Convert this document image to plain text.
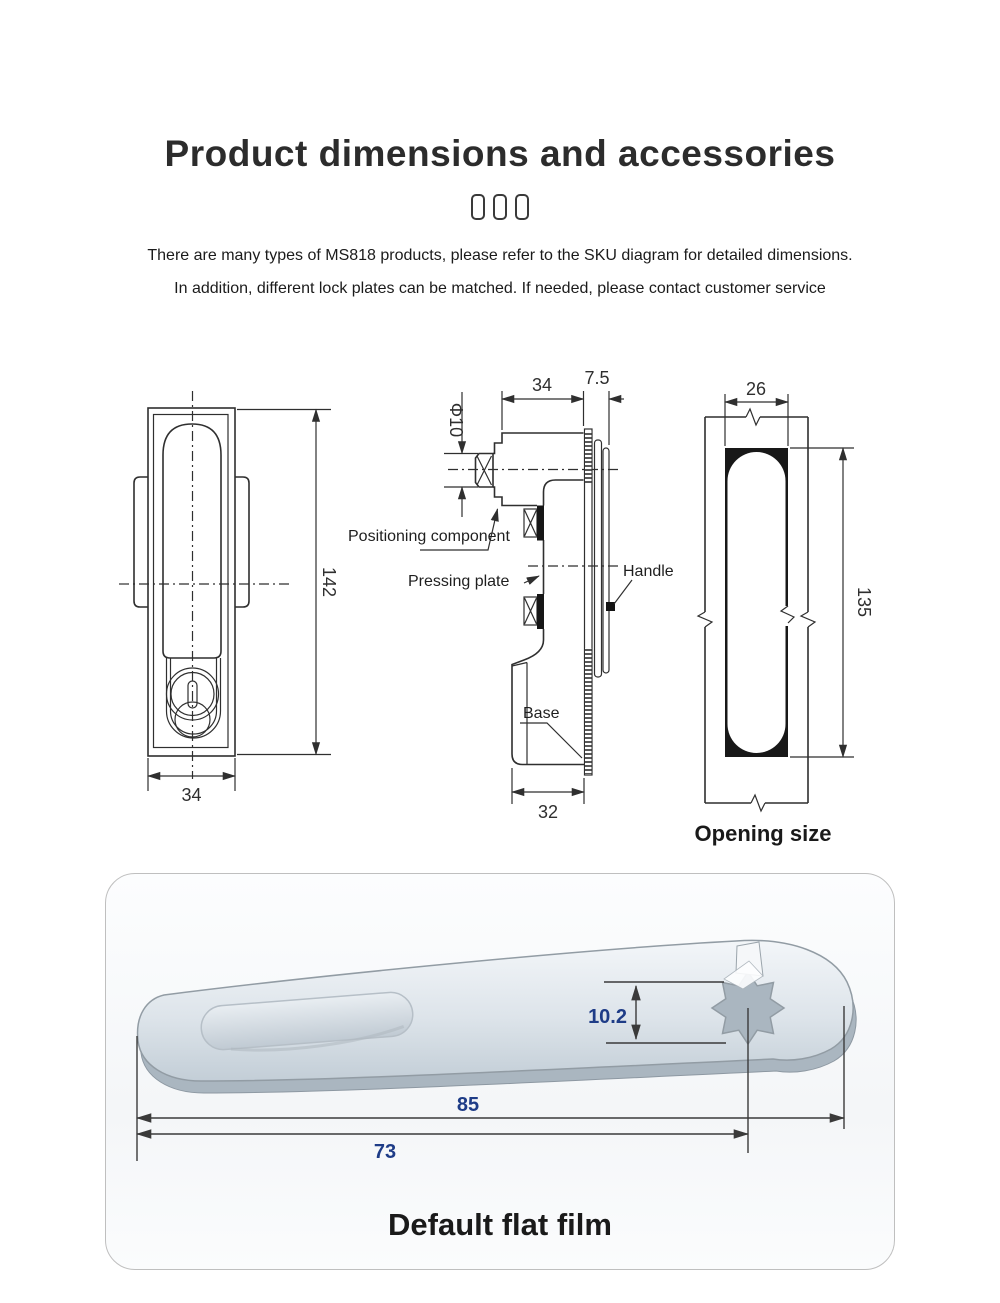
Product dimensions and accessories
There are many types of MS818 products, please refer to the SKU diagram for detailed dimensions.
In addition, different lock plates can be matched. If needed, please contact customer service
142
34
34 7.5
Φ10
32
Positioning component
Pressing plate
Handle
Base
26
135
Opening size
10.2
85
73
Default flat film
